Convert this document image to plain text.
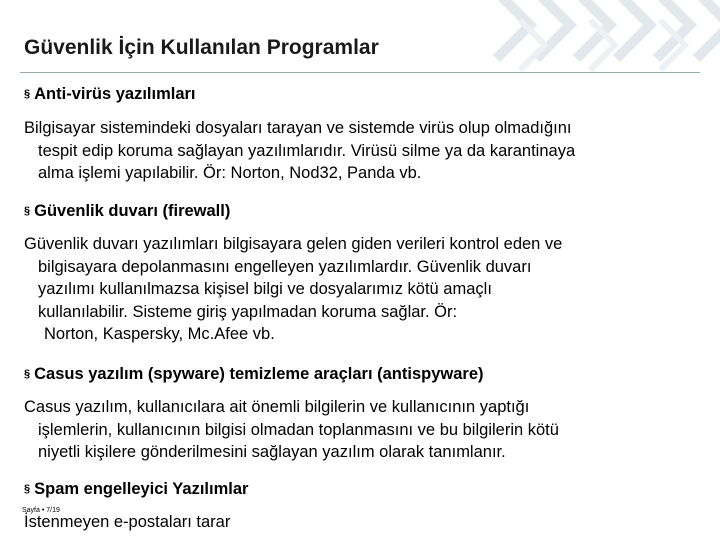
Güvenlik İçin Kullanılan Programlar
§ Anti-virüs yazılımları
Bilgisayar sistemindeki dosyaları tarayan ve sistemde virüs olup olmadığını
tespit edip koruma sağlayan yazılımlarıdır. Virüsü silme ya da karantinaya
alma işlemi yapılabilir. Ör: Norton, Nod32, Panda vb.
§ Güvenlik duvarı (firewall)
Güvenlik duvarı yazılımları bilgisayara gelen giden verileri kontrol eden ve
bilgisayara depolanmasını engelleyen yazılımlardır. Güvenlik duvarı
yazılımı kullanılmazsa kişisel bilgi ve dosyalarımız kötü amaçlı
kullanılabilir. Sisteme giriş yapılmadan koruma sağlar. Ör:
Norton, Kaspersky, Mc.Afee vb.
§ Casus yazılım (spyware) temizleme araçları (antispyware)
Casus yazılım, kullanıcılara ait önemli bilgilerin ve kullanıcının yaptığı
işlemlerin, kullanıcının bilgisi olmadan toplanmasını ve bu bilgilerin kötü
niyetli kişilere gönderilmesini sağlayan yazılım olarak tanımlanır.
§ Spam engelleyici Yazılımlar
İstenmeyen e-postaları tarar
Sayfa • 7/19
